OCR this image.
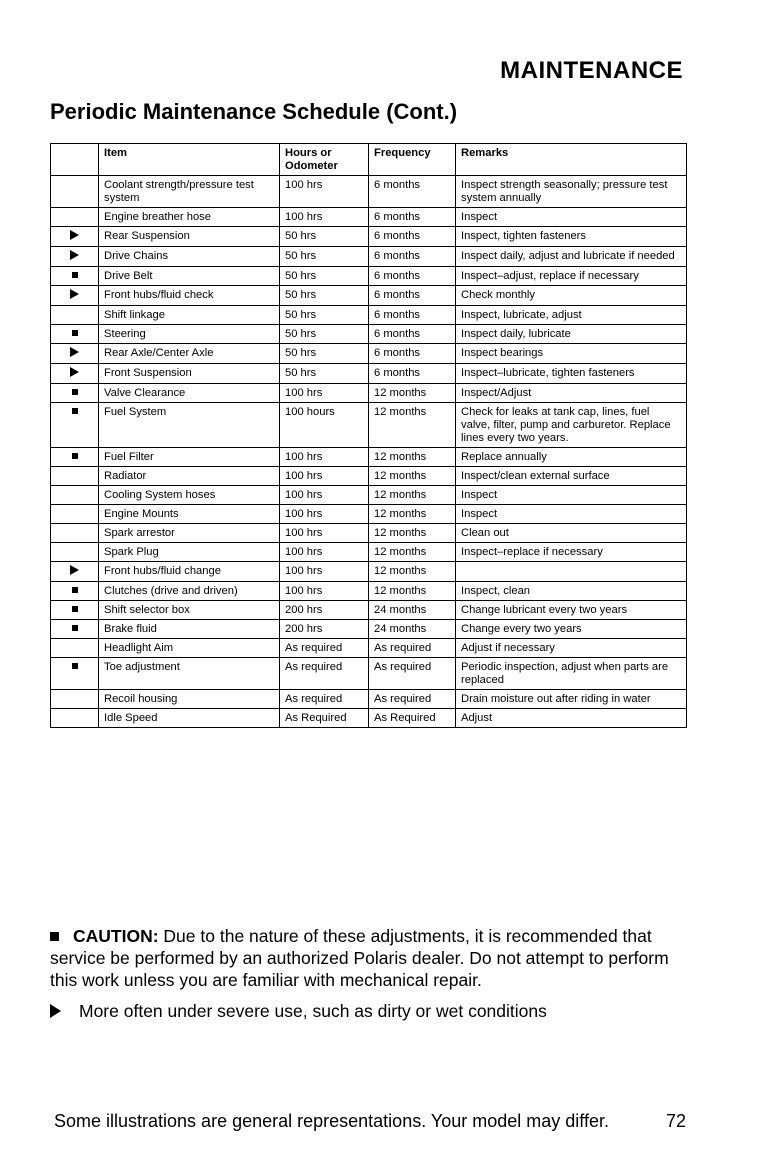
MAINTENANCE
Periodic Maintenance Schedule (Cont.)
	Item	Hours or Odometer	Frequency	Remarks
	Coolant strength/pressure test system	100 hrs	6 months	Inspect strength seasonally; pressure test system annually
	Engine breather hose	100 hrs	6 months	Inspect
	Rear Suspension	50 hrs	6 months	Inspect, tighten fasteners
	Drive Chains	50 hrs	6 months	Inspect daily, adjust and lubricate if needed
	Drive Belt	50 hrs	6 months	Inspect–adjust, replace if necessary
	Front hubs/fluid check	50 hrs	6 months	Check monthly
	Shift linkage	50 hrs	6 months	Inspect, lubricate, adjust
	Steering	50 hrs	6 months	Inspect daily, lubricate
	Rear Axle/Center Axle	50 hrs	6 months	Inspect bearings
	Front Suspension	50 hrs	6 months	Inspect–lubricate, tighten fasteners
	Valve Clearance	100 hrs	12 months	Inspect/Adjust
	Fuel System	100 hours	12 months	Check for leaks at tank cap, lines, fuel valve, filter, pump and carburetor. Replace lines every two years.
	Fuel Filter	100 hrs	12 months	Replace annually
	Radiator	100 hrs	12 months	Inspect/clean external surface
	Cooling System hoses	100 hrs	12 months	Inspect
	Engine Mounts	100 hrs	12 months	Inspect
	Spark arrestor	100 hrs	12 months	Clean out
	Spark Plug	100 hrs	12 months	Inspect–replace if necessary
	Front hubs/fluid change	100 hrs	12 months	
	Clutches (drive and driven)	100 hrs	12 months	Inspect, clean
	Shift selector box	200 hrs	24 months	Change lubricant every two years
	Brake fluid	200 hrs	24 months	Change every two years
	Headlight Aim	As required	As required	Adjust if necessary
	Toe adjustment	As required	As required	Periodic inspection, adjust when parts are replaced
	Recoil housing	As required	As required	Drain moisture out after riding in water
	Idle Speed	As Required	As Required	Adjust

CAUTION: Due to the nature of these adjustments, it is recommended that service be performed by an authorized Polaris dealer. Do not attempt to perform this work unless you are familiar with mechanical repair.

More often under severe use, such as dirty or wet conditions

Some illustrations are general representations. Your model may differ.	72
